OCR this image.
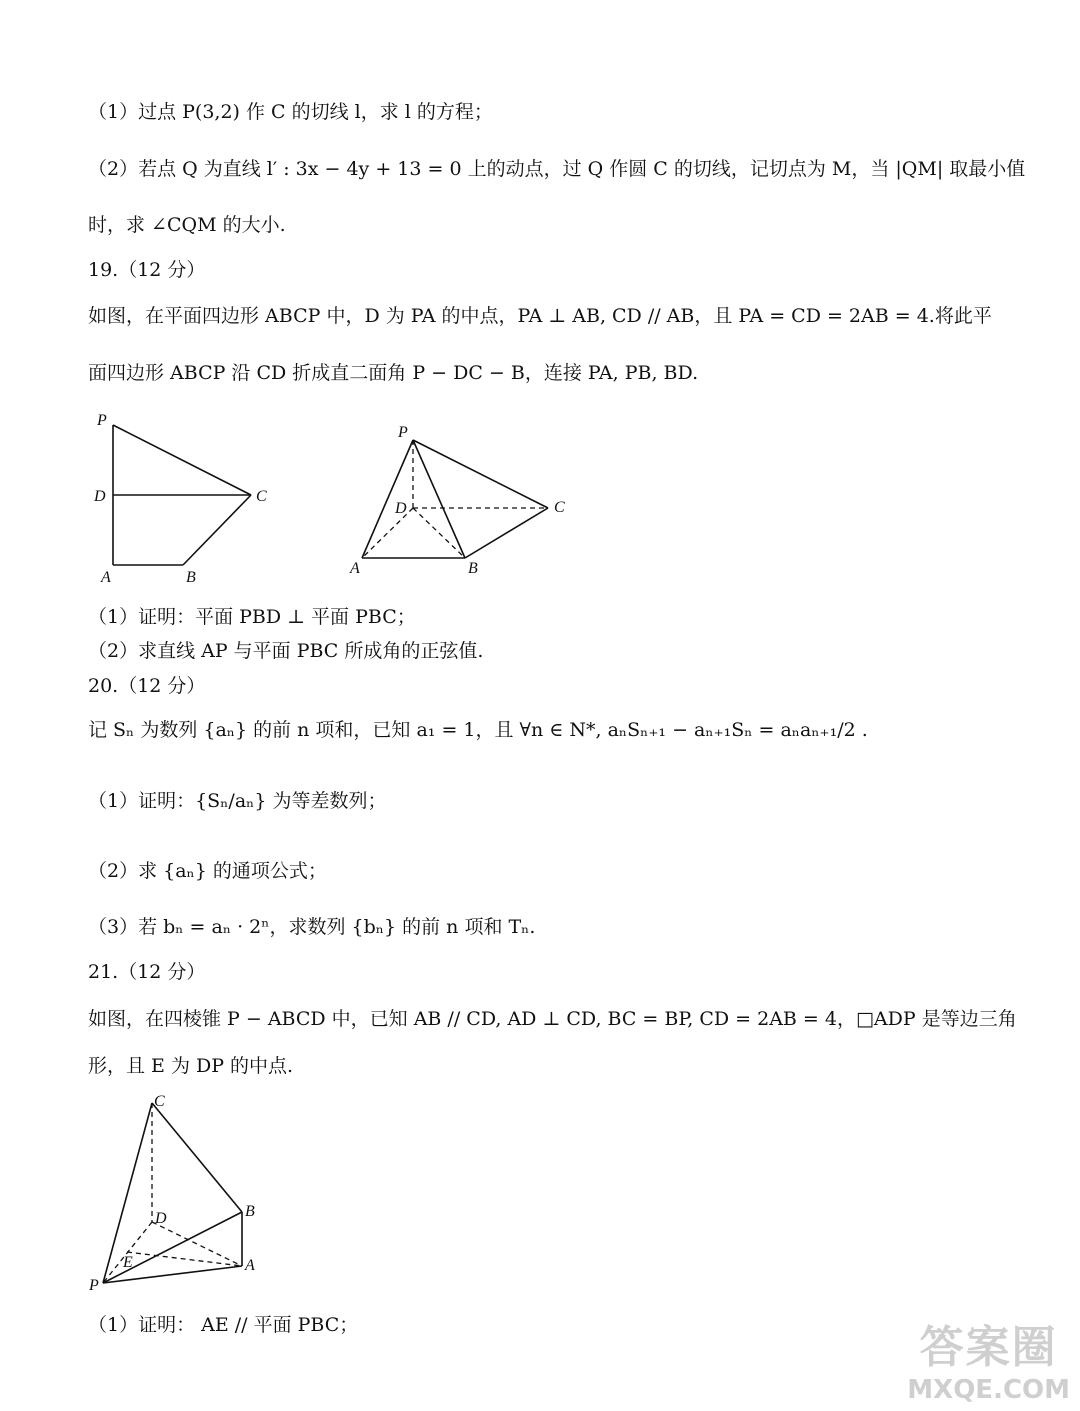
（1）过点 P(3,2) 作 C 的切线 l，求 l 的方程；
（2）若点 Q 为直线 l′ : 3x − 4y + 13 = 0 上的动点，过 Q 作圆 C 的切线，记切点为 M，当 |QM| 取最小值
时，求 ∠CQM 的大小.
19.（12 分）
如图，在平面四边形 ABCP 中，D 为 PA 的中点，PA ⊥ AB, CD // AB，且 PA = CD = 2AB = 4.将此平
面四边形 ABCP 沿 CD 折成直二面角 P − DC − B，连接 PA, PB, BD.
P
D	C
A	B
P
D	C
A	B
（1）证明：平面 PBD ⊥ 平面 PBC；
（2）求直线 AP 与平面 PBC 所成角的正弦值.
20.（12 分）
记 Sₙ 为数列 {aₙ} 的前 n 项和，已知 a₁ = 1，且 ∀n ∈ N*, aₙSₙ₊₁ − aₙ₊₁Sₙ = aₙaₙ₊₁/2 .
（1）证明：{Sₙ/aₙ} 为等差数列；
（2）求 {aₙ} 的通项公式；
（3）若 bₙ = aₙ · 2ⁿ，求数列 {bₙ} 的前 n 项和 Tₙ.
21.（12 分）
如图，在四棱锥 P − ABCD 中，已知 AB // CD, AD ⊥ CD, BC = BP, CD = 2AB = 4，□ADP 是等边三角
形，且 E 为 DP 的中点.
C
D	B
E
P
A
（1）证明： AE // 平面 PBC；	答案圈
MXQE.COM
